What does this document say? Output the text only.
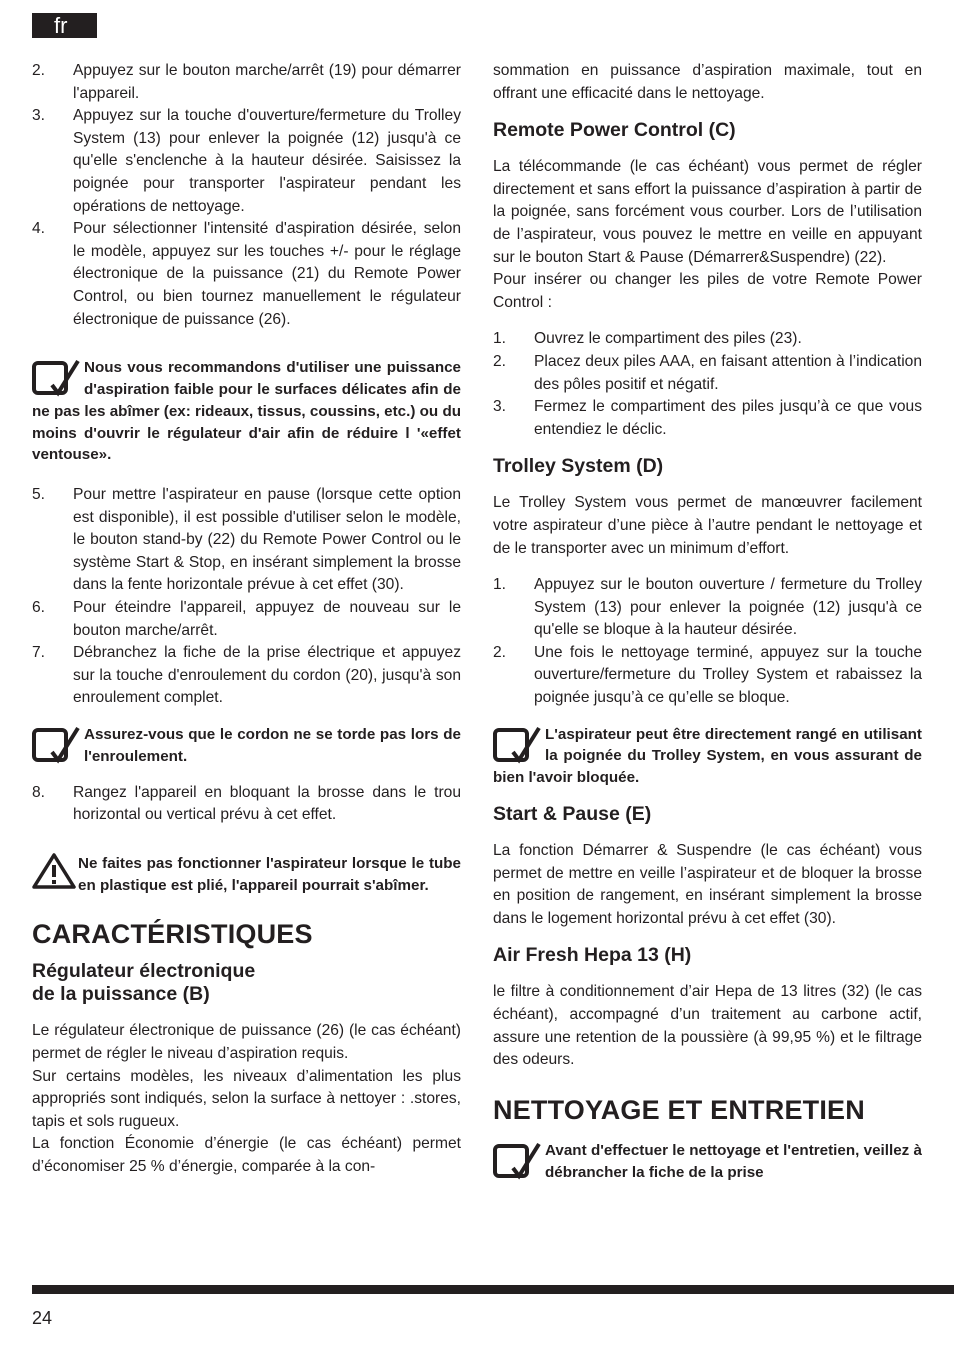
fr
2.	Appuyez sur le bouton marche/arrêt (19) pour démarrer l'appareil.
3.	Appuyez sur la touche d'ouverture/fermeture du Trolley System (13) pour enlever la poignée (12) jusqu'à ce qu'elle s'enclenche à la hauteur désirée. Saisissez la poignée pour transporter l'aspirateur pendant les opérations de nettoyage.
4.	Pour sélectionner l'intensité d'aspiration désirée, selon le modèle, appuyez sur les touches +/- pour le réglage électronique de la puissance (21) du Remote Power Control, ou bien tournez manuellement le régulateur électronique de puissance (26).
Nous vous recommandons d'utiliser une puissance d'aspiration faible pour le surfaces délicates afin de ne pas les abîmer (ex: rideaux, tissus, coussins, etc.) ou du moins d'ouvrir le régulateur d'air afin de réduire l '«effet ventouse».
5.	Pour mettre l'aspirateur en pause (lorsque cette option est disponible), il est possible d'utiliser selon le modèle, le bouton stand-by (22) du Remote Power Control ou le système Start & Stop, en insérant simplement la brosse dans la fente horizontale prévue à cet effet (30).
6.	Pour éteindre l'appareil, appuyez de nouveau sur le bouton marche/arrêt.
7.	Débranchez la fiche de la prise électrique et appuyez sur la touche d'enroulement du cordon (20), jusqu'à son enroulement complet.
Assurez-vous que le cordon ne se torde pas lors de l'enroulement.
8.	Rangez l'appareil en bloquant la brosse dans le trou horizontal ou vertical prévu à cet effet.
Ne faites pas fonctionner l'aspirateur lorsque le tube en plastique est plié, l'appareil pourrait s'abîmer.
CARACTÉRISTIQUES
Régulateur électronique
de la puissance (B)

Le régulateur électronique de puissance (26) (le cas échéant) permet de régler le niveau d’aspiration requis.

Sur certains modèles, les niveaux d’alimentation les plus appropriés sont indiqués, selon la surface à nettoyer : .stores, tapis et sols rugueux.

La fonction Économie d’énergie (le cas échéant) permet d’économiser 25 % d’énergie, comparée à la con-

sommation en puissance d’aspiration maximale, tout en offrant une efficacité dans le nettoyage.

Remote Power Control (C)

La télécommande (le cas échéant) vous permet de régler directement et sans effort la puissance d’aspiration à partir de la poignée, sans forcément vous courber. Lors de l’utilisation de l’aspirateur, vous pouvez le mettre en veille en appuyant sur le bouton Start & Pause (Démarrer&Suspendre) (22).

Pour insérer ou changer les piles de votre Remote Power Control :

1.	Ouvrez le compartiment des piles (23).
2.	Placez deux piles AAA, en faisant attention à l’indication des pôles positif et négatif.
3.	Fermez le compartiment des piles jusqu’à ce que vous entendiez le déclic.
Trolley System (D)

Le Trolley System vous permet de manœuvrer facilement votre aspirateur d’une pièce à l’autre pendant le nettoyage et de le transporter avec un minimum d’effort.

1.	Appuyez sur le bouton ouverture / fermeture du Trolley System (13) pour enlever la poignée (12) jusqu'à ce qu'elle se bloque à la hauteur désirée.
2.	Une fois le nettoyage terminé, appuyez sur la touche ouverture/fermeture du Trolley System et rabaissez la poignée jusqu’à ce qu’elle se bloque.
L'aspirateur peut être directement rangé en utilisant la poignée du Trolley System, en vous assurant de bien l'avoir bloquée.
Start & Pause (E)

La fonction Démarrer & Suspendre (le cas échéant) vous permet de mettre en veille l’aspirateur et de bloquer la brosse en position de rangement, en insérant simplement la brosse dans le logement horizontal prévu à cet effet (30).

Air Fresh Hepa 13 (H)

le filtre à conditionnement d’air Hepa de 13 litres (32) (le cas échéant), accompagné d’un traitement au carbone actif, assure une retention de la poussière (à 99,95 %) et le filtrage des odeurs.

NETTOYAGE ET ENTRETIEN
Avant d'effectuer le nettoyage et l'entretien, veillez à débrancher la fiche de la prise
24
